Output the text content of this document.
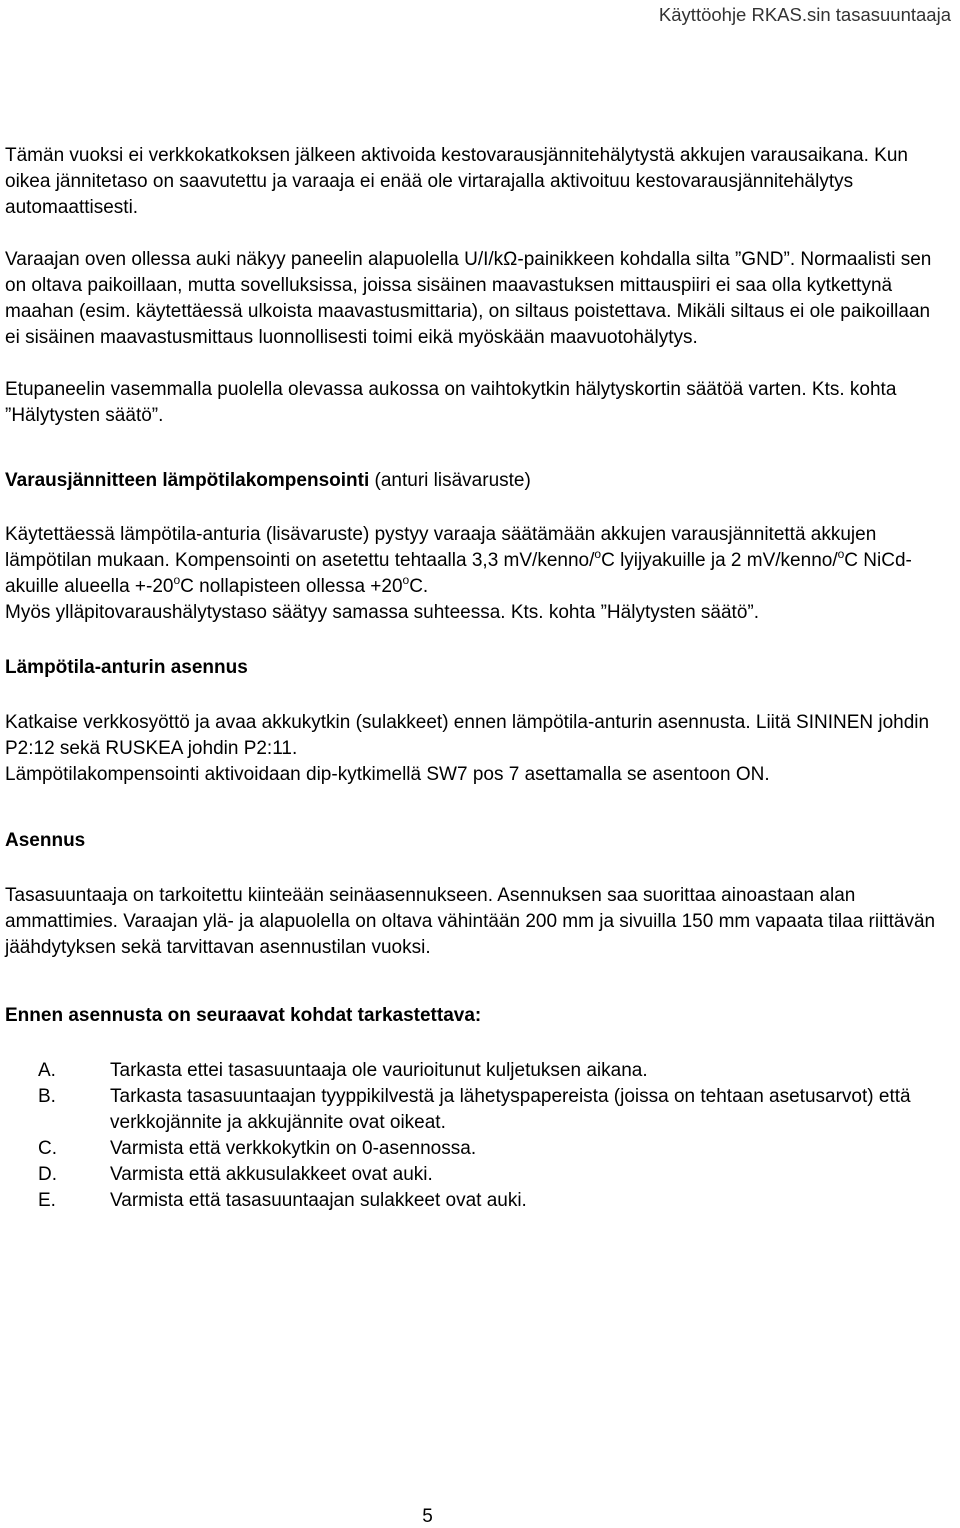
Käyttöohje RKAS.sin tasasuuntaaja

Tämän vuoksi ei verkkokatkoksen jälkeen aktivoida kestovarausjännitehälytystä akkujen varausaikana. Kun oikea jännitetaso on saavutettu ja varaaja ei enää ole virtarajalla aktivoituu kestovarausjännitehälytys automaattisesti.

Varaajan oven ollessa auki näkyy paneelin alapuolella U/I/kΩ-painikkeen kohdalla silta ”GND”. Normaalisti sen on oltava paikoillaan, mutta sovelluksissa, joissa sisäinen maavastuksen mittauspiiri ei saa olla kytkettynä maahan (esim. käytettäessä ulkoista maavastusmittaria), on siltaus poistettava. Mikäli siltaus ei ole paikoillaan ei sisäinen maavastusmittaus luonnollisesti toimi eikä myöskään maavuotohälytys.

Etupaneelin vasemmalla puolella olevassa aukossa on vaihtokytkin hälytyskortin säätöä varten. Kts. kohta ”Hälytysten säätö”.

Varausjännitteen lämpötilakompensointi (anturi lisävaruste)

Käytettäessä lämpötila-anturia (lisävaruste) pystyy varaaja säätämään akkujen varausjännitettä akkujen lämpötilan mukaan. Kompensointi on asetettu tehtaalla 3,3 mV/kenno/$^o$C lyijyakuille ja 2 mV/kenno/$^o$C NiCd-akuille alueella $+-20^oC$ nollapisteen ollessa $+20^oC$.

Myös ylläpitovaraushälytystaso säätyy samassa suhteessa. Kts. kohta ”Hälytysten säätö”.

Lämpötila-anturin asennus

Katkaise verkkosyöttö ja avaa akkukytkin (sulakkeet) ennen lämpötila-anturin asennusta. Liitä SININEN johdin P2:12 sekä RUSKEA johdin P2:11.

Lämpötilakompensointi aktivoidaan dip-kytkimellä SW7 pos 7 asettamalla se asentoon ON.

Asennus

Tasasuuntaaja on tarkoitettu kiinteään seinäasennukseen. Asennuksen saa suorittaa ainoastaan alan ammattimies. Varaajan ylä- ja alapuolella on oltava vähintään 200 mm ja sivuilla 150 mm vapaata tilaa riittävän jäähdytyksen sekä tarvittavan asennustilan vuoksi.

Ennen asennusta on seuraavat kohdat tarkastettava:

A.	Tarkasta ettei tasasuuntaaja ole vaurioitunut kuljetuksen aikana.
B.	Tarkasta tasasuuntaajan tyyppikilvestä ja lähetyspapereista (joissa on tehtaan asetusarvot) että verkkojännite ja akkujännite ovat oikeat.
C.	Varmista että verkkokytkin on 0-asennossa.
D.	Varmista että akkusulakkeet ovat auki.
E.	Varmista että tasasuuntaajan sulakkeet ovat auki.
5
